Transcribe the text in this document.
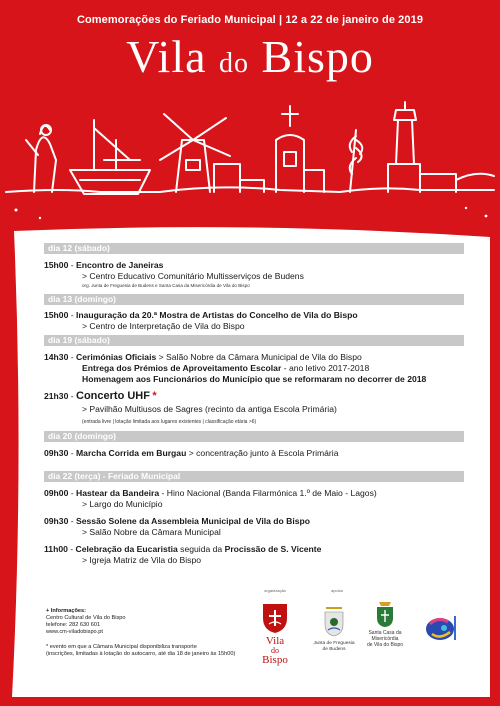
Comemorações do Feriado Municipal | 12 a 22 de janeiro de 2019
Vila do Bispo
dia 12 (sábado)
15h00 - Encontro de Janeiras
> Centro Educativo Comunitário Multisserviços de Budens
org. Junta de Freguesia de Budens e Santa Casa da Misericórdia de Vila do Bispo
dia 13 (domingo)
15h00 - Inauguração da 20.ª Mostra de Artistas do Concelho de Vila do Bispo
> Centro de Interpretação de Vila do Bispo
dia 19 (sábado)
14h30 - Cerimónias Oficiais > Salão Nobre da Câmara Municipal de Vila do Bispo
Entrega dos Prémios de Aproveitamento Escolar - ano letivo 2017-2018
Homenagem aos Funcionários do Município que se reformaram no decorrer de 2018
21h30 - Concerto UHF *
> Pavilhão Multiusos de Sagres (recinto da antiga Escola Primária)
(entrada livre | lotação limitada aos lugares existentes | classificação etária >6)
dia 20 (domingo)
09h30 - Marcha Corrida em Burgau > concentração junto à Escola Primária
dia 22 (terça) - Feriado Municipal
09h00 - Hastear da Bandeira - Hino Nacional (Banda Filarmónica 1.º de Maio - Lagos)
> Largo do Município
09h30 - Sessão Solene da Assembleia Municipal de Vila do Bispo
> Salão Nobre da Câmara Municipal
11h00 - Celebração da Eucaristia seguida da Procissão de S. Vicente
> Igreja Matriz de Vila do Bispo
+ Informações:
Centro Cultural de Vila do Bispo
telefone: 282 630 601
www.cm-viladobispo.pt
* evento em que a Câmara Municipal disponibiliza transporte
(inscrições, limitadas à lotação do autocarro, até dia 18 de janeiro às 15h00)
organização	apoios
Vila
do
Bispo
Junta de Freguesia
de Budens
Santa Casa da
Misericórdia
de Vila do Bispo
